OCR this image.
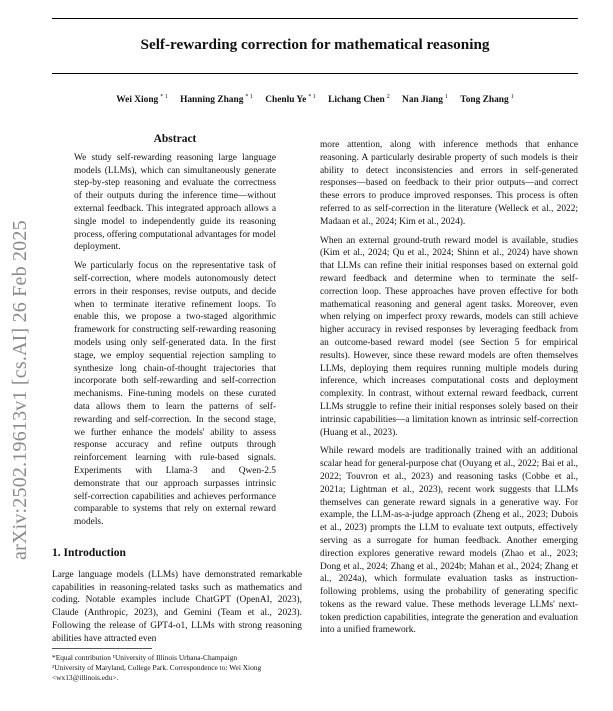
Self-rewarding correction for mathematical reasoning
Wei Xiong $^{* 1}$ Hanning Zhang $^{* 1}$ Chenlu Ye $^{* 1}$ Lichang Chen $^2$ Nan Jiang $^1$ Tong Zhang $^1$
arXiv:2502.19613v1 [cs.AI] 26 Feb 2025
Abstract

We study self-rewarding reasoning large language models (LLMs), which can simultaneously generate step-by-step reasoning and evaluate the correctness of their outputs during the inference time—without external feedback. This integrated approach allows a single model to independently guide its reasoning process, offering computational advantages for model deployment.

We particularly focus on the representative task of self-correction, where models autonomously detect errors in their responses, revise outputs, and decide when to terminate iterative refinement loops. To enable this, we propose a two-staged algorithmic framework for constructing self-rewarding reasoning models using only self-generated data. In the first stage, we employ sequential rejection sampling to synthesize long chain-of-thought trajectories that incorporate both self-rewarding and self-correction mechanisms. Fine-tuning models on these curated data allows them to learn the patterns of self-rewarding and self-correction. In the second stage, we further enhance the models' ability to assess response accuracy and refine outputs through reinforcement learning with rule-based signals. Experiments with Llama-3 and Qwen-2.5 demonstrate that our approach surpasses intrinsic self-correction capabilities and achieves performance comparable to systems that rely on external reward models.

1. Introduction

Large language models (LLMs) have demonstrated remarkable capabilities in reasoning-related tasks such as mathematics and coding. Notable examples include ChatGPT (OpenAI, 2023), Claude (Anthropic, 2023), and Gemini (Team et al., 2023). Following the release of GPT4-o1, LLMs with strong reasoning abilities have attracted even

*Equal contribution ¹University of Illinois Urbana-Champaign
²University of Maryland, College Park. Correspondence to: Wei Xiong <wx13@illinois.edu>.

more attention, along with inference methods that enhance reasoning. A particularly desirable property of such models is their ability to detect inconsistencies and errors in self-generated responses—based on feedback to their prior outputs—and correct these errors to produce improved responses. This process is often referred to as self-correction in the literature (Welleck et al., 2022; Madaan et al., 2024; Kim et al., 2024).

When an external ground-truth reward model is available, studies (Kim et al., 2024; Qu et al., 2024; Shinn et al., 2024) have shown that LLMs can refine their initial responses based on external gold reward feedback and determine when to terminate the self-correction loop. These approaches have proven effective for both mathematical reasoning and general agent tasks. Moreover, even when relying on imperfect proxy rewards, models can still achieve higher accuracy in revised responses by leveraging feedback from an outcome-based reward model (see Section 5 for empirical results). However, since these reward models are often themselves LLMs, deploying them requires running multiple models during inference, which increases computational costs and deployment complexity. In contrast, without external reward feedback, current LLMs struggle to refine their initial responses solely based on their intrinsic capabilities—a limitation known as intrinsic self-correction (Huang et al., 2023).

While reward models are traditionally trained with an additional scalar head for general-purpose chat (Ouyang et al., 2022; Bai et al., 2022; Touvron et al., 2023) and reasoning tasks (Cobbe et al., 2021a; Lightman et al., 2023), recent work suggests that LLMs themselves can generate reward signals in a generative way. For example, the LLM-as-a-judge approach (Zheng et al., 2023; Dubois et al., 2023) prompts the LLM to evaluate text outputs, effectively serving as a surrogate for human feedback. Another emerging direction explores generative reward models (Zhao et al., 2023; Dong et al., 2024; Zhang et al., 2024b; Mahan et al., 2024; Zhang et al., 2024a), which formulate evaluation tasks as instruction-following problems, using the probability of generating specific tokens as the reward value. These methods leverage LLMs' next-token prediction capabilities, integrate the generation and evaluation into a unified framework.
